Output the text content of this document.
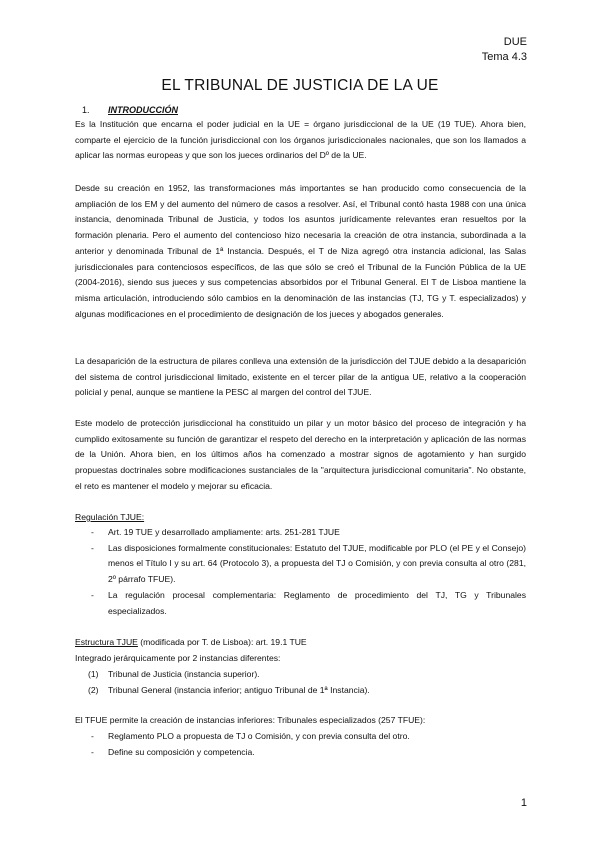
DUE
Tema 4.3
EL TRIBUNAL DE JUSTICIA DE LA UE
1. INTRODUCCIÓN

Es la Institución que encarna el poder judicial en la UE = órgano jurisdiccional de la UE (19 TUE). Ahora bien, comparte el ejercicio de la función jurisdiccional con los órganos jurisdiccionales nacionales, que son los llamados a aplicar las normas europeas y que son los jueces ordinarios del Dº de la UE.

Desde su creación en 1952, las transformaciones más importantes se han producido como consecuencia de la ampliación de los EM y del aumento del número de casos a resolver. Así, el Tribunal contó hasta 1988 con una única instancia, denominada Tribunal de Justicia, y todos los asuntos jurídicamente relevantes eran resueltos por la formación plenaria. Pero el aumento del contencioso hizo necesaria la creación de otra instancia, subordinada a la anterior y denominada Tribunal de 1ª Instancia. Después, el T de Niza agregó otra instancia adicional, las Salas jurisdiccionales para contenciosos específicos, de las que sólo se creó el Tribunal de la Función Pública de la UE (2004-2016), siendo sus jueces y sus competencias absorbidos por el Tribunal General. El T de Lisboa mantiene la misma articulación, introduciendo sólo cambios en la denominación de las instancias (TJ, TG y T. especializados) y algunas modificaciones en el procedimiento de designación de los jueces y abogados generales.

La desaparición de la estructura de pilares conlleva una extensión de la jurisdicción del TJUE debido a la desaparición del sistema de control jurisdiccional limitado, existente en el tercer pilar de la antigua UE, relativo a la cooperación policial y penal, aunque se mantiene la PESC al margen del control del TJUE.

Este modelo de protección jurisdiccional ha constituido un pilar y un motor básico del proceso de integración y ha cumplido exitosamente su función de garantizar el respeto del derecho en la interpretación y aplicación de las normas de la Unión. Ahora bien, en los últimos años ha comenzado a mostrar signos de agotamiento y han surgido propuestas doctrinales sobre modificaciones sustanciales de la "arquitectura jurisdiccional comunitaria". No obstante, el reto es mantener el modelo y mejorar su eficacia.

Regulación TJUE:
- Art. 19 TUE y desarrollado ampliamente: arts. 251-281 TJUE
- Las disposiciones formalmente constitucionales: Estatuto del TJUE, modificable por PLO (el PE y el Consejo) menos el Título I y su art. 64 (Protocolo 3), a propuesta del TJ o Comisión, y con previa consulta al otro (281, 2º párrafo TFUE).
- La regulación procesal complementaria: Reglamento de procedimiento del TJ, TG y Tribunales especializados.
Estructura TJUE (modificada por T. de Lisboa): art. 19.1 TUE
Integrado jerárquicamente por 2 instancias diferentes:
(1) Tribunal de Justicia (instancia superior).
(2) Tribunal General (instancia inferior; antiguo Tribunal de 1ª Instancia).
El TFUE permite la creación de instancias inferiores: Tribunales especializados (257 TFUE):
- Reglamento PLO a propuesta de TJ o Comisión, y con previa consulta del otro.
- Define su composición y competencia.
1
